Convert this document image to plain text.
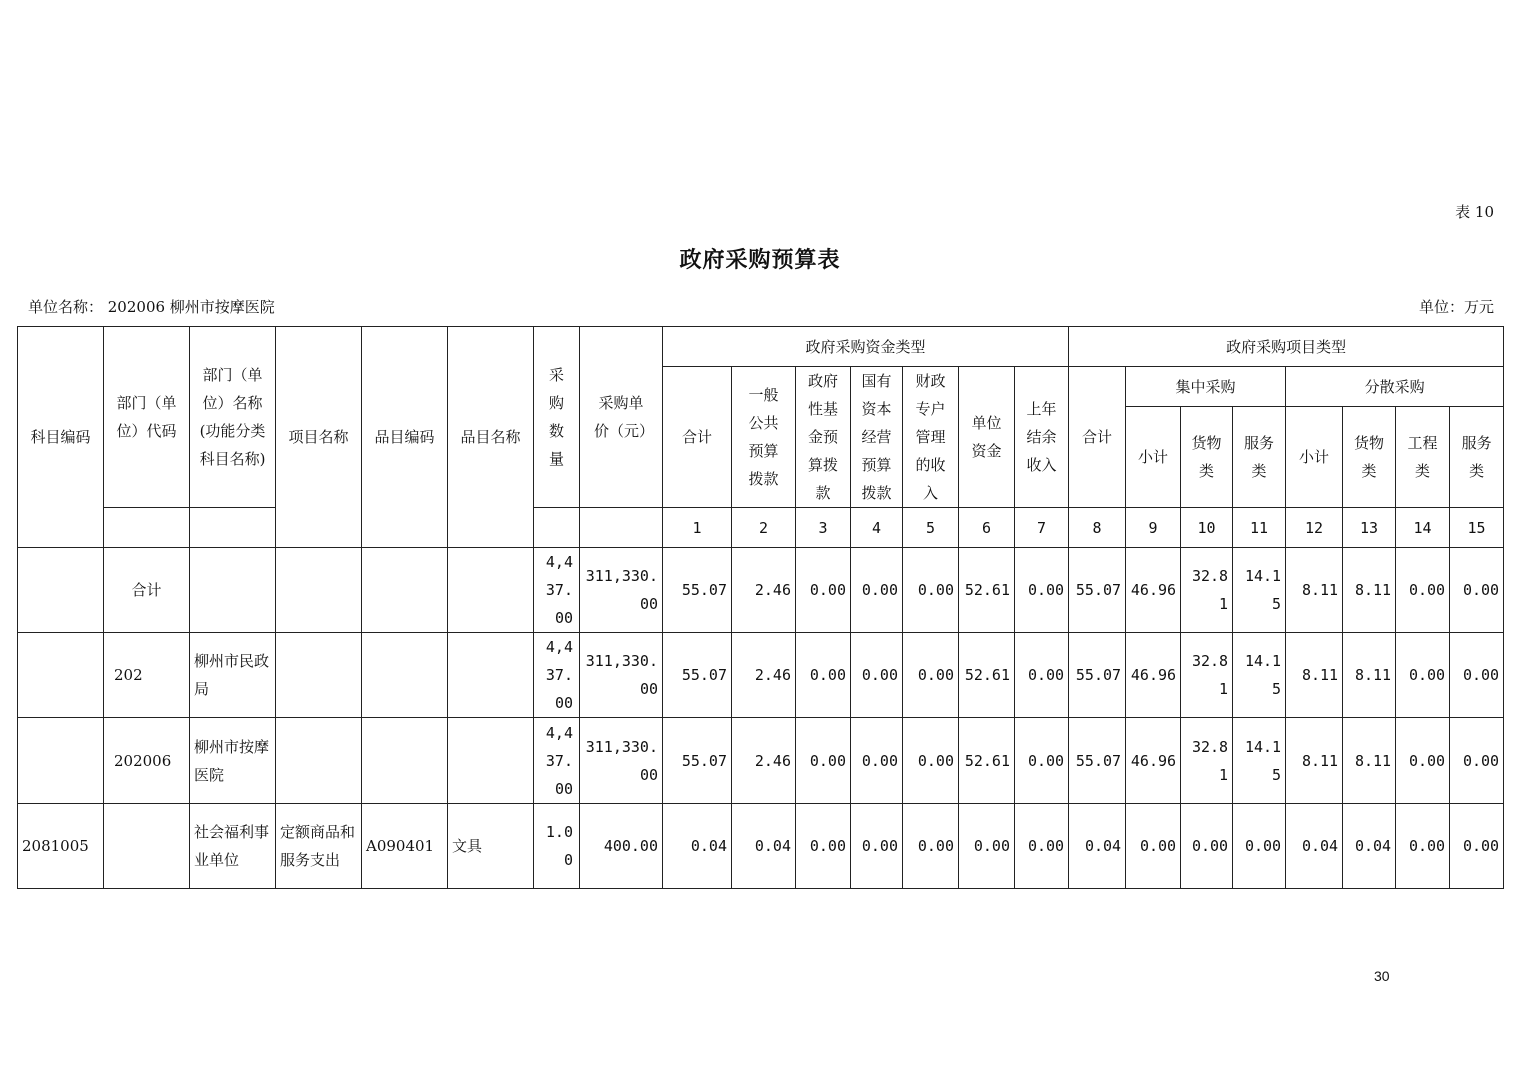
表 10
政府采购预算表
单位名称： 202006 柳州市按摩医院	单位：万元
科目编码	部门（单位）代码	部门（单位）名称(功能分类科目名称)	项目名称	品目编码	品目名称	采购数量	采购单价（元）	政府采购资金类型							政府采购项目类型							
								合计	一般公共预算拨款	政府性基金预算拨款	国有资本经营预算拨款	财政专户管理的收入	单位资金	上年结余收入	合计	集中采购			分散采购			
																小计	货物类	服务类	小计	货物类	工程类	服务类
								1	2	3	4	5	6	7	8	9	10	11	12	13	14	15
	合计					4,437.00	311,330.00	55.07	2.46	0.00	0.00	0.00	52.61	0.00	55.07	46.96	32.81	14.15	8.11	8.11	0.00	0.00
	202	柳州市民政局				4,437.00	311,330.00	55.07	2.46	0.00	0.00	0.00	52.61	0.00	55.07	46.96	32.81	14.15	8.11	8.11	0.00	0.00
	202006	柳州市按摩医院				4,437.00	311,330.00	55.07	2.46	0.00	0.00	0.00	52.61	0.00	55.07	46.96	32.81	14.15	8.11	8.11	0.00	0.00
2081005		社会福利事业单位	定额商品和服务支出	A090401	文具	1.00	400.00	0.04	0.04	0.00	0.00	0.00	0.00	0.00	0.04	0.00	0.00	0.00	0.04	0.04	0.00	0.00
30
